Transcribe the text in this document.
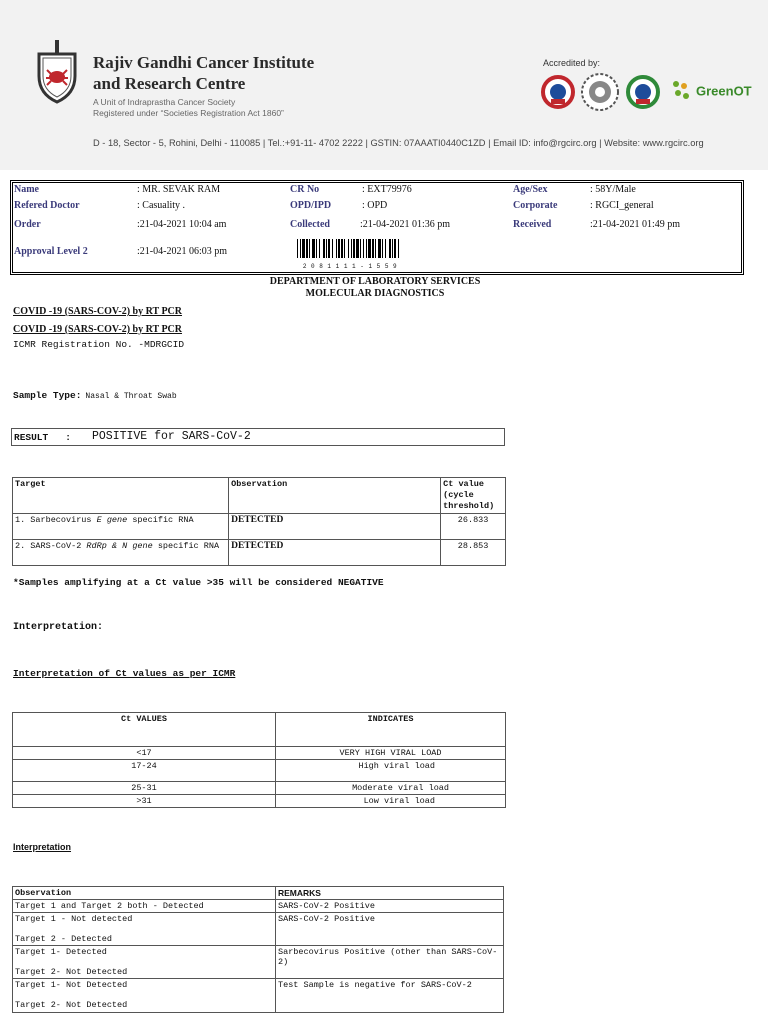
Rajiv Gandhi Cancer Institute
and Research Centre
A Unit of Indraprastha Cancer Society
Registered under “Societies Registration Act 1860”
Accredited by:
GreenOT
D - 18, Sector - 5, Rohini, Delhi - 110085 | Tel.:+91-11- 4702 2222 | GSTIN: 07AAATI0440C1ZD | Email ID: info@rgcirc.org | Website: www.rgcirc.org
Name	: MR. SEVAK RAM	CR No	: EXT79976	Age/Sex	: 58Y/Male
Refered Doctor	: Casuality .	OPD/IPD	: OPD	Corporate	: RGCI_general
Order	:21-04-2021 10:04 am	Collected	:21-04-2021 01:36 pm	Received	:21-04-2021 01:49 pm
Approval Level 2	:21-04-2021 06:03 pm
2 0 8 1 1 1 1 - 1 5 5 9
DEPARTMENT OF LABORATORY SERVICES
MOLECULAR DIAGNOSTICS
COVID -19 (SARS-COV-2) by RT PCR
COVID -19 (SARS-COV-2) by RT PCR
ICMR Registration No. -MDRGCID
Sample Type: Nasal & Throat Swab
RESULT   : POSITIVE for SARS-CoV-2
Target	Observation	Ct value (cycle threshold)
1. Sarbecovirus E gene specific RNA	DETECTED	26.833
2. SARS-CoV-2 RdRp & N gene specific RNA	DETECTED	28.853
*Samples amplifying at a Ct value >35 will be considered NEGATIVE
Interpretation:
Interpretation of Ct values as per ICMR
Ct VALUES	INDICATES
<17	VERY HIGH VIRAL LOAD
17-24	High viral load
25-31	Moderate viral load
>31	Low viral load
Interpretation
Observation	REMARKS
Target 1 and Target 2 both - Detected	SARS-CoV-2 Positive

Target 1 - Not detected
Target 2 - Detected	SARS-CoV-2 Positive

Target 1- Detected
Target 2- Not Detected	Sarbecovirus Positive (other than SARS-CoV-2)

Target 1- Not Detected
Target 2- Not Detected	Test Sample is negative for SARS-CoV-2
